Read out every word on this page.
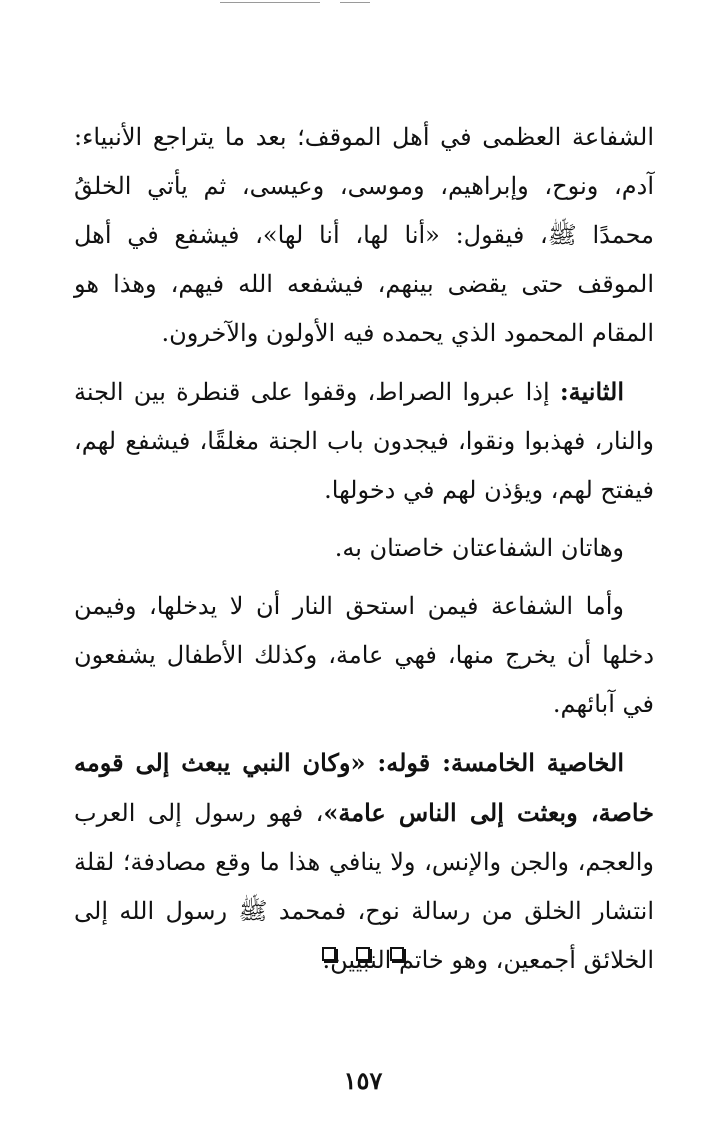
الشفاعة العظمى في أهل الموقف؛ بعد ما يتراجع الأنبياء: آدم، ونوح، وإبراهيم، وموسى، وعيسى، ثم يأتي الخلقُ محمدًا ﷺ، فيقول: «أنا لها، أنا لها»، فيشفع في أهل الموقف حتى يقضى بينهم، فيشفعه الله فيهم، وهذا هو المقام المحمود الذي يحمده فيه الأولون والآخرون.

الثانية: إذا عبروا الصراط، وقفوا على قنطرة بين الجنة والنار، فهذبوا ونقوا، فيجدون باب الجنة مغلقًا، فيشفع لهم، فيفتح لهم، ويؤذن لهم في دخولها.

وهاتان الشفاعتان خاصتان به.

وأما الشفاعة فيمن استحق النار أن لا يدخلها، وفيمن دخلها أن يخرج منها، فهي عامة، وكذلك الأطفال يشفعون في آبائهم.

الخاصية الخامسة: قوله: «وكان النبي يبعث إلى قومه خاصة، وبعثت إلى الناس عامة»، فهو رسول إلى العرب والعجم، والجن والإنس، ولا ينافي هذا ما وقع مصادفة؛ لقلة انتشار الخلق من رسالة نوح، فمحمد ﷺ رسول الله إلى الخلائق أجمعين، وهو خاتم النبيين.

١٥٧
